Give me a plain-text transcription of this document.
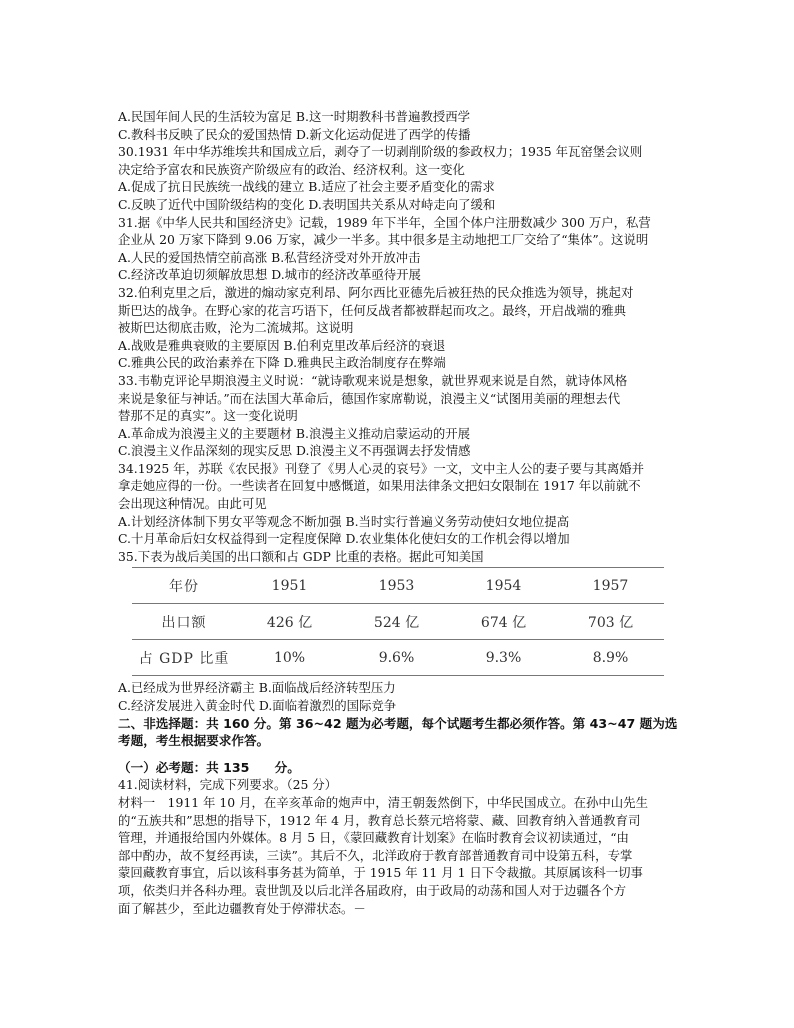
A.民国年间人民的生活较为富足 B.这一时期教科书普遍教授西学
C.教科书反映了民众的爱国热情 D.新文化运动促进了西学的传播
30.1931 年中华苏维埃共和国成立后，剥夺了一切剥削阶级的参政权力；1935 年瓦窑堡会议则
决定给予富农和民族资产阶级应有的政治、经济权利。这一变化
A.促成了抗日民族统一战线的建立 B.适应了社会主要矛盾变化的需求
C.反映了近代中国阶级结构的变化 D.表明国共关系从对峙走向了缓和
31.据《中华人民共和国经济史》记载，1989 年下半年，全国个体户注册数减少 300 万户，私营
企业从 20 万家下降到 9.06 万家，减少一半多。其中很多是主动地把工厂交给了“集体”。这说明
A.人民的爱国热情空前高涨 B.私营经济受对外开放冲击
C.经济改革迫切须解放思想 D.城市的经济改革亟待开展
32.伯利克里之后，激进的煽动家克利昂、阿尔西比亚德先后被狂热的民众推选为领导，挑起对
斯巴达的战争。在野心家的花言巧语下，任何反战者都被群起而攻之。最终，开启战端的雅典
被斯巴达彻底击败，沦为二流城邦。这说明
A.战败是雅典衰败的主要原因 B.伯利克里改革后经济的衰退
C.雅典公民的政治素养在下降 D.雅典民主政治制度存在弊端
33.韦勒克评论早期浪漫主义时说：“就诗歌观来说是想象，就世界观来说是自然，就诗体风格
来说是象征与神话。”而在法国大革命后，德国作家席勒说，浪漫主义“试图用美丽的理想去代
替那不足的真实”。这一变化说明
A.革命成为浪漫主义的主要题材 B.浪漫主义推动启蒙运动的开展
C.浪漫主义作品深刻的现实反思 D.浪漫主义不再强调去抒发情感
34.1925 年，苏联《农民报》刊登了《男人心灵的哀号》一文，文中主人公的妻子要与其离婚并
拿走她应得的一份。一些读者在回复中感慨道，如果用法律条文把妇女限制在 1917 年以前就不
会出现这种情况。由此可见
A.计划经济体制下男女平等观念不断加强 B.当时实行普遍义务劳动使妇女地位提高
C.十月革命后妇女权益得到一定程度保障 D.农业集体化使妇女的工作机会得以增加
35.下表为战后美国的出口额和占 GDP 比重的表格。据此可知美国
年份	1951	1953	1954	1957
出口额	426 亿	524 亿	674 亿	703 亿
占 GDP 比重	10%	9.6%	9.3%	8.9%
A.已经成为世界经济霸主 B.面临战后经济转型压力
C.经济发展进入黄金时代 D.面临着激烈的国际竞争
二、非选择题：共 160 分。第 36~42 题为必考题，每个试题考生都必须作答。第 43~47 题为选
考题，考生根据要求作答。
（一）必考题：共 135　　分。
41.阅读材料，完成下列要求。（25 分）
材料一　1911 年 10 月，在辛亥革命的炮声中，清王朝轰然倒下，中华民国成立。在孙中山先生
的“五族共和”思想的指导下，1912 年 4 月，教育总长蔡元培将蒙、藏、回教育纳入普通教育司
管理，并通报给国内外媒体。8 月 5 日，《蒙回藏教育计划案》在临时教育会议初读通过，“由
部中酌办，故不复经再读，三读”。其后不久，北洋政府于教育部普通教育司中设第五科，专掌
蒙回藏教育事宜，后以该科事务甚为简单，于 1915 年 11 月 1 日下令裁撤。其原属该科一切事
项，依类归并各科办理。袁世凯及以后北洋各届政府，由于政局的动荡和国人对于边疆各个方
面了解甚少，至此边疆教育处于停滞状态。－
